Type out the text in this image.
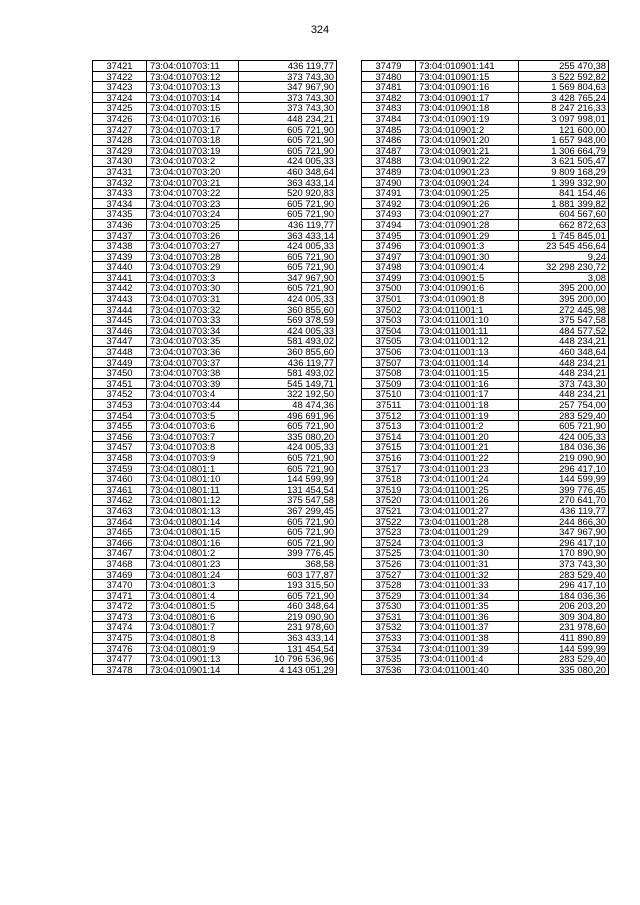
324
37421	73:04:010703:11	436 119,77
37422	73:04:010703:12	373 743,30
37423	73:04:010703:13	347 967,90
37424	73:04:010703:14	373 743,30
37425	73:04:010703:15	373 743,30
37426	73:04:010703:16	448 234,21
37427	73:04:010703:17	605 721,90
37428	73:04:010703:18	605 721,90
37429	73:04:010703:19	605 721,90
37430	73:04:010703:2	424 005,33
37431	73:04:010703:20	460 348,64
37432	73:04:010703:21	363 433,14
37433	73:04:010703:22	520 920,83
37434	73:04:010703:23	605 721,90
37435	73:04:010703:24	605 721,90
37436	73:04:010703:25	436 119,77
37437	73:04:010703:26	363 433,14
37438	73:04:010703:27	424 005,33
37439	73:04:010703:28	605 721,90
37440	73:04:010703:29	605 721,90
37441	73:04:010703:3	347 967,90
37442	73:04:010703:30	605 721,90
37443	73:04:010703:31	424 005,33
37444	73:04:010703:32	360 855,60
37445	73:04:010703:33	569 378,59
37446	73:04:010703:34	424 005,33
37447	73:04:010703:35	581 493,02
37448	73:04:010703:36	360 855,60
37449	73:04:010703:37	436 119,77
37450	73:04:010703:38	581 493,02
37451	73:04:010703:39	545 149,71
37452	73:04:010703:4	322 192,50
37453	73:04:010703:44	48 474,36
37454	73:04:010703:5	496 691,96
37455	73:04:010703:6	605 721,90
37456	73:04:010703:7	335 080,20
37457	73:04:010703:8	424 005,33
37458	73:04:010703:9	605 721,90
37459	73:04:010801:1	605 721,90
37460	73:04:010801:10	144 599,99
37461	73:04:010801:11	131 454,54
37462	73:04:010801:12	375 547,58
37463	73:04:010801:13	367 299,45
37464	73:04:010801:14	605 721,90
37465	73:04:010801:15	605 721,90
37466	73:04:010801:16	605 721,90
37467	73:04:010801:2	399 776,45
37468	73:04:010801:23	368,58
37469	73:04:010801:24	603 177,87
37470	73:04:010801:3	193 315,50
37471	73:04:010801:4	605 721,90
37472	73:04:010801:5	460 348,64
37473	73:04:010801:6	219 090,90
37474	73:04:010801:7	231 978,60
37475	73:04:010801:8	363 433,14
37476	73:04:010801:9	131 454,54
37477	73:04:010901:13	10 796 536,96
37478	73:04:010901:14	4 143 051,29
37479	73:04:010901:141	255 470,38
37480	73:04:010901:15	3 522 592,82
37481	73:04:010901:16	1 569 804,63
37482	73:04:010901:17	3 428 765,24
37483	73:04:010901:18	8 247 216,33
37484	73:04:010901:19	3 097 998,01
37485	73:04:010901:2	121 600,00
37486	73:04:010901:20	1 657 948,00
37487	73:04:010901:21	1 306 664,79
37488	73:04:010901:22	3 621 505,47
37489	73:04:010901:23	9 809 168,29
37490	73:04:010901:24	1 399 332,90
37491	73:04:010901:25	841 154,46
37492	73:04:010901:26	1 881 399,82
37493	73:04:010901:27	604 567,60
37494	73:04:010901:28	662 872,63
37495	73:04:010901:29	1 745 845,01
37496	73:04:010901:3	23 545 456,64
37497	73:04:010901:30	9,24
37498	73:04:010901:4	32 298 230,72
37499	73:04:010901:5	3,08
37500	73:04:010901:6	395 200,00
37501	73:04:010901:8	395 200,00
37502	73:04:011001:1	272 445,98
37503	73:04:011001:10	375 547,58
37504	73:04:011001:11	484 577,52
37505	73:04:011001:12	448 234,21
37506	73:04:011001:13	460 348,64
37507	73:04:011001:14	448 234,21
37508	73:04:011001:15	448 234,21
37509	73:04:011001:16	373 743,30
37510	73:04:011001:17	448 234,21
37511	73:04:011001:18	257 754,00
37512	73:04:011001:19	283 529,40
37513	73:04:011001:2	605 721,90
37514	73:04:011001:20	424 005,33
37515	73:04:011001:21	184 036,36
37516	73:04:011001:22	219 090,90
37517	73:04:011001:23	296 417,10
37518	73:04:011001:24	144 599,99
37519	73:04:011001:25	399 776,45
37520	73:04:011001:26	270 641,70
37521	73:04:011001:27	436 119,77
37522	73:04:011001:28	244 866,30
37523	73:04:011001:29	347 967,90
37524	73:04:011001:3	296 417,10
37525	73:04:011001:30	170 890,90
37526	73:04:011001:31	373 743,30
37527	73:04:011001:32	283 529,40
37528	73:04:011001:33	296 417,10
37529	73:04:011001:34	184 036,36
37530	73:04:011001:35	206 203,20
37531	73:04:011001:36	309 304,80
37532	73:04:011001:37	231 978,60
37533	73:04:011001:38	411 890,89
37534	73:04:011001:39	144 599,99
37535	73:04:011001:4	283 529,40
37536	73:04:011001:40	335 080,20
